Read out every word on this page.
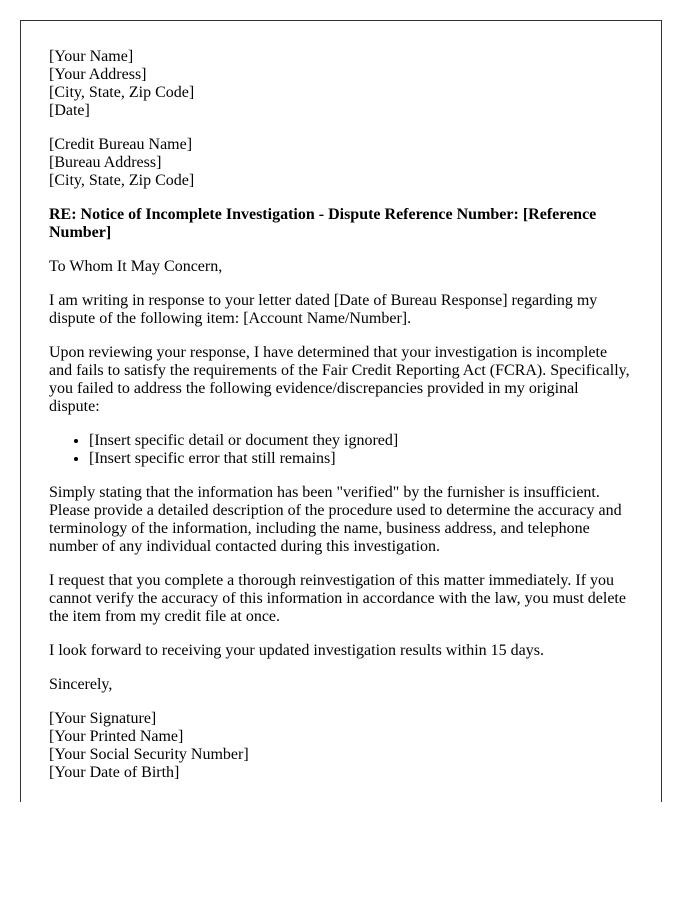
[Your Name]
[Your Address]
[City, State, Zip Code]
[Date]

[Credit Bureau Name]
[Bureau Address]
[City, State, Zip Code]

RE: Notice of Incomplete Investigation - Dispute Reference Number: [Reference Number]

To Whom It May Concern,

I am writing in response to your letter dated [Date of Bureau Response] regarding my dispute of the following item: [Account Name/Number].

Upon reviewing your response, I have determined that your investigation is incomplete and fails to satisfy the requirements of the Fair Credit Reporting Act (FCRA). Specifically, you failed to address the following evidence/discrepancies provided in my original dispute:

• [Insert specific detail or document they ignored]
• [Insert specific error that still remains]

Simply stating that the information has been "verified" by the furnisher is insufficient. Please provide a detailed description of the procedure used to determine the accuracy and terminology of the information, including the name, business address, and telephone number of any individual contacted during this investigation.

I request that you complete a thorough reinvestigation of this matter immediately. If you cannot verify the accuracy of this information in accordance with the law, you must delete the item from my credit file at once.

I look forward to receiving your updated investigation results within 15 days.

Sincerely,

[Your Signature]
[Your Printed Name]
[Your Social Security Number]
[Your Date of Birth]
